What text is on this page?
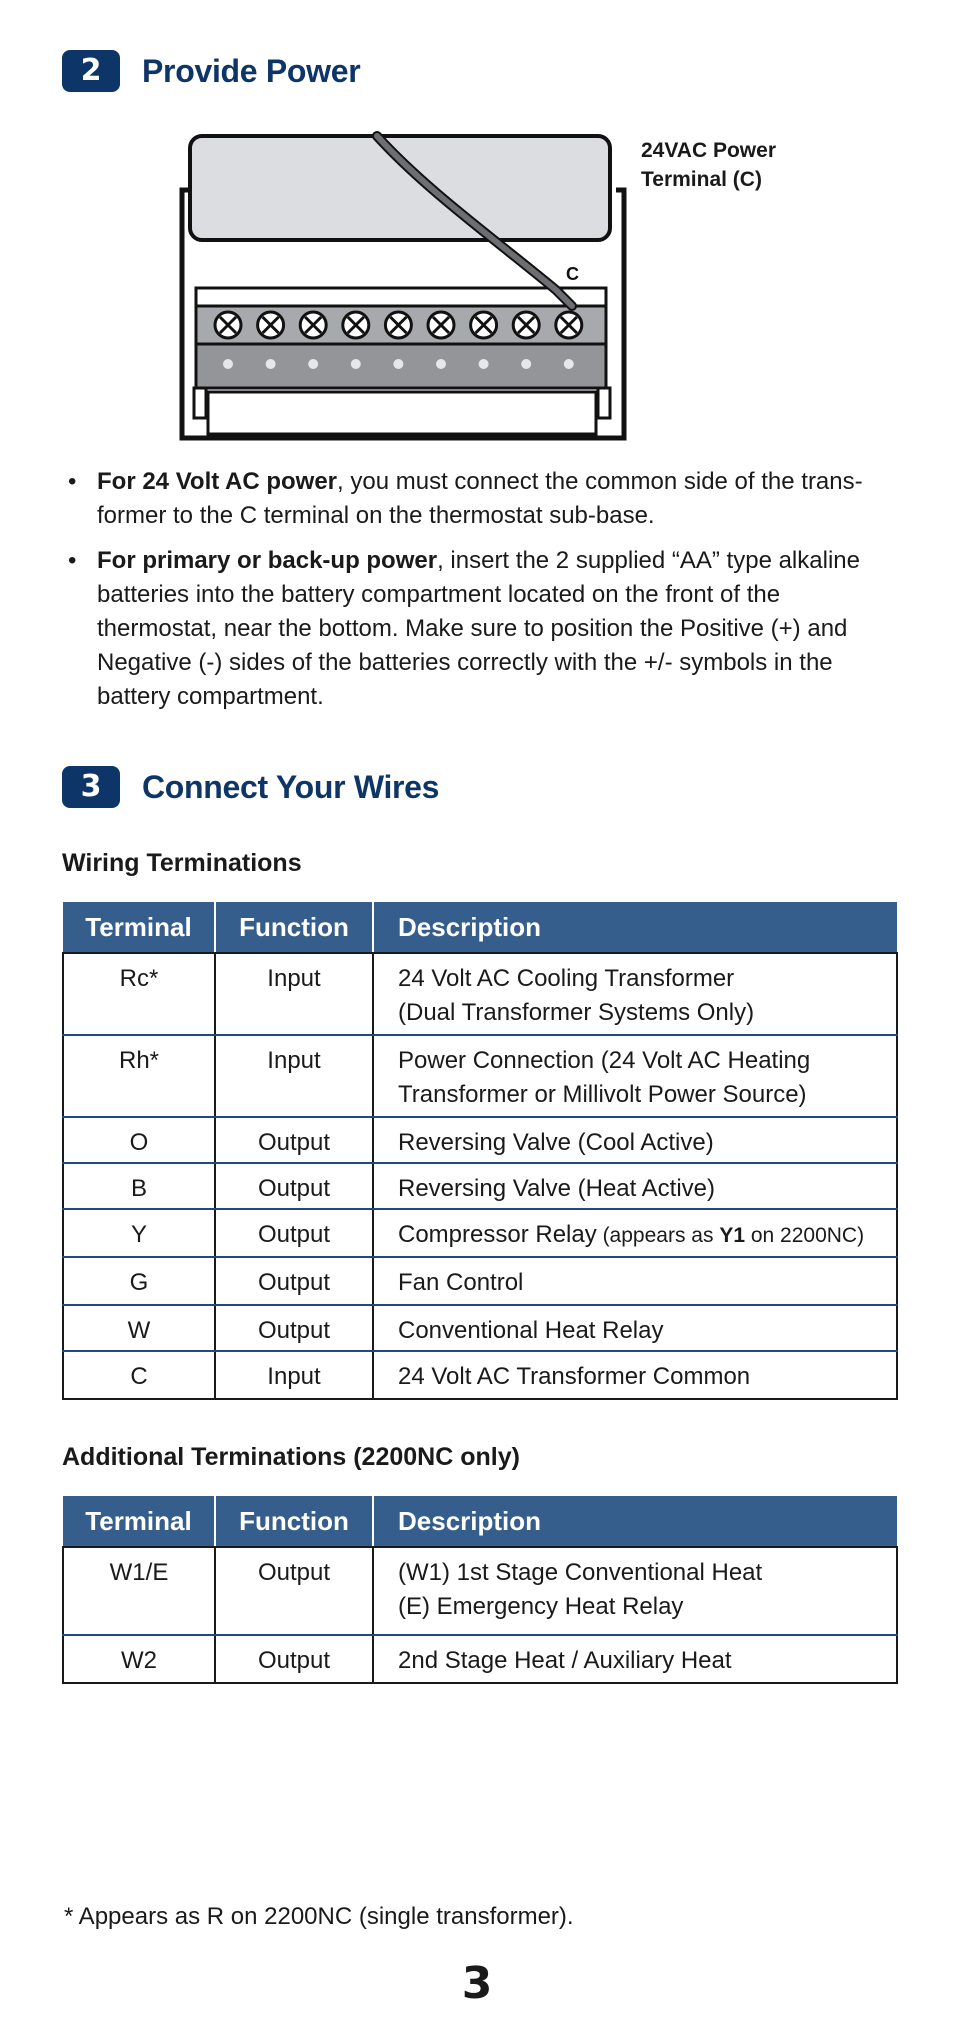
2	Provide Power
C
24VAC Power
Terminal (C)
• For 24 Volt AC power, you must connect the common side of the trans-former to the C terminal on the thermostat sub-base.
• For primary or back-up power, insert the 2 supplied “AA” type alkaline batteries into the battery compartment located on the front of the thermostat, near the bottom. Make sure to position the Positive (+) and Negative (-) sides of the batteries correctly with the +/- symbols in the battery compartment.
3	Connect Your Wires
Wiring Terminations
Terminal	Function	Description
Rc*	Input	24 Volt AC Cooling Transformer
(Dual Transformer Systems Only)

Rh*	Input	Power Connection (24 Volt AC Heating
Transformer or Millivolt Power Source)

O	Output	Reversing Valve (Cool Active)
B	Output	Reversing Valve (Heat Active)
Y	Output	Compressor Relay (appears as Y1 on 2200NC)
G	Output	Fan Control
W	Output	Conventional Heat Relay
C	Input	24 Volt AC Transformer Common
Additional Terminations (2200NC only)
Terminal	Function	Description
W1/E	Output	(W1) 1st Stage Conventional Heat
(E) Emergency Heat Relay

W2	Output	2nd Stage Heat / Auxiliary Heat
* Appears as R on 2200NC (single transformer).
3
